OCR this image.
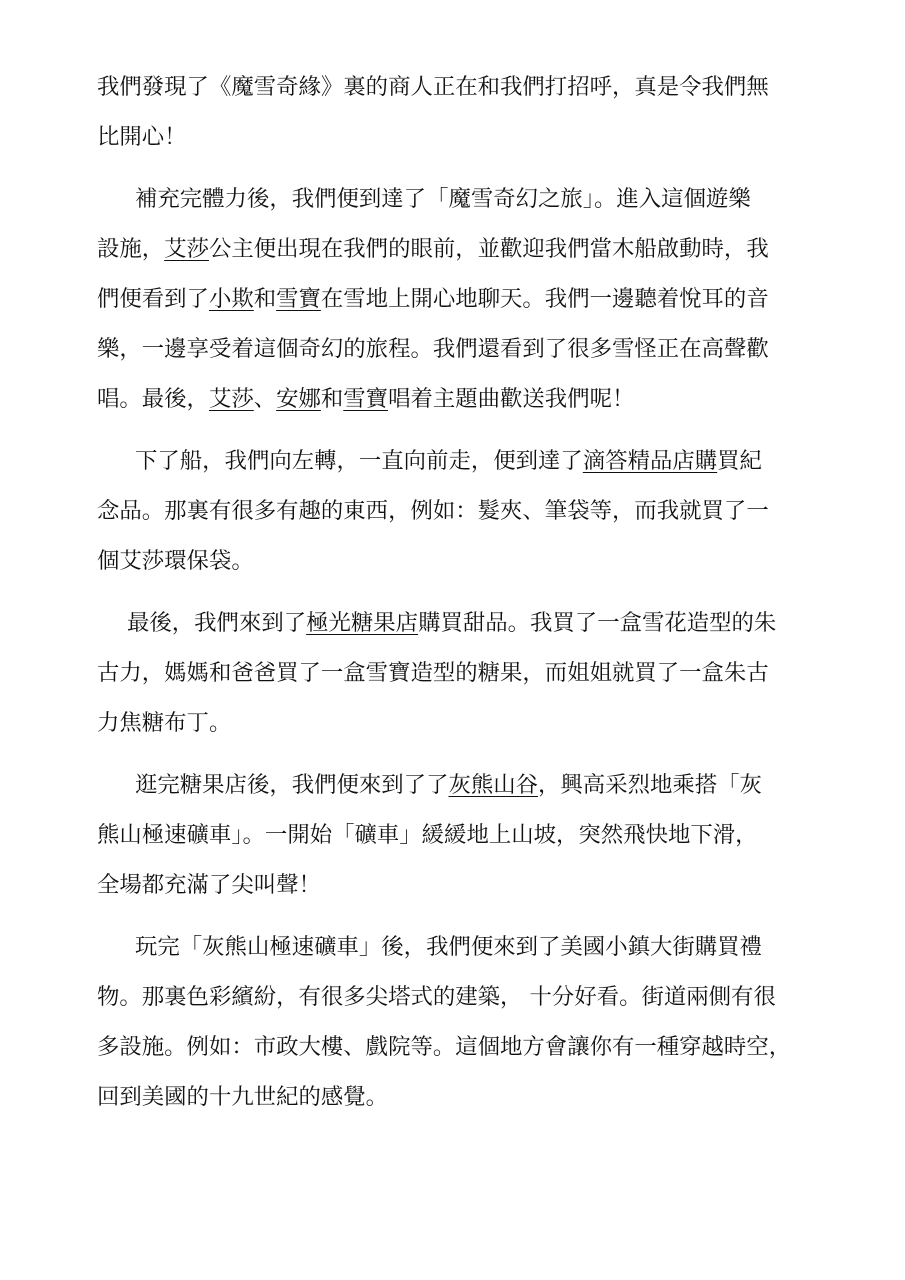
我們發現了《魔雪奇緣》裏的商人正在和我們打招呼，真是令我們無
比開心！
補充完體力後，我們便到達了「魔雪奇幻之旅」。進入這個遊樂
設施，艾莎公主便出現在我們的眼前，並歡迎我們當木船啟動時，我
們便看到了小欺和雪寶在雪地上開心地聊天。我們一邊聽着悅耳的音
樂，一邊享受着這個奇幻的旅程。我們還看到了很多雪怪正在高聲歡
唱。最後，艾莎、安娜和雪寶唱着主題曲歡送我們呢！
下了船，我們向左轉，一直向前走，便到達了滴答精品店購買紀
念品。那裏有很多有趣的東西，例如：髮夾、筆袋等，而我就買了一
個艾莎環保袋。
最後，我們來到了極光糖果店購買甜品。我買了一盒雪花造型的朱
古力，媽媽和爸爸買了一盒雪寶造型的糖果，而姐姐就買了一盒朱古
力焦糖布丁。
逛完糖果店後，我們便來到了了灰熊山谷，興高采烈地乘搭「灰
熊山極速礦車」。一開始「礦車」緩緩地上山坡，突然飛快地下滑，
全場都充滿了尖叫聲！
玩完「灰熊山極速礦車」後，我們便來到了美國小鎮大街購買禮
物。那裏色彩繽紛，有很多尖塔式的建築， 十分好看。街道兩側有很
多設施。例如：市政大樓、戲院等。這個地方會讓你有一種穿越時空，
回到美國的十九世紀的感覺。
